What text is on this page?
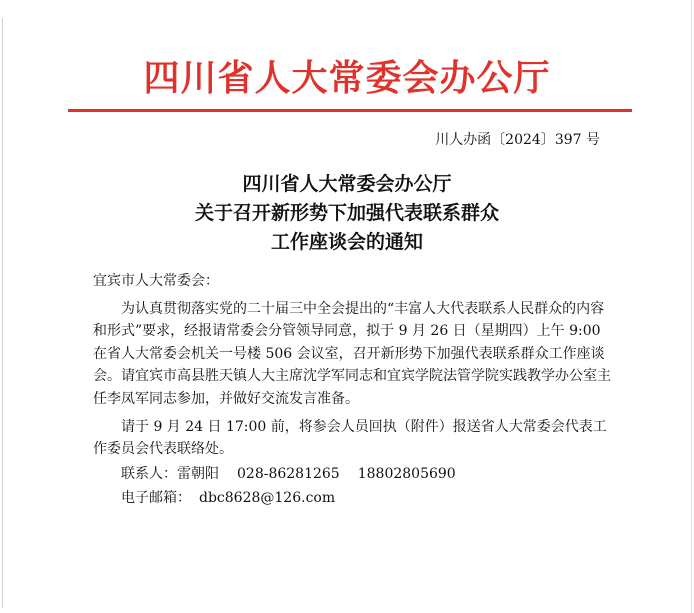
四川省人大常委会办公厅
川人办函〔2024〕397 号
四川省人大常委会办公厅
关于召开新形势下加强代表联系群众
工作座谈会的通知
宜宾市人大常委会：
为认真贯彻落实党的二十届三中全会提出的“丰富人大代表联系人民群众的内容和形式”要求，经报请常委会分管领导同意，拟于 9 月 26 日（星期四）上午 9:00 在省人大常委会机关一号楼 506 会议室，召开新形势下加强代表联系群众工作座谈会。请宜宾市高县胜天镇人大主席沈学军同志和宜宾学院法管学院实践教学办公室主任李凤军同志参加，并做好交流发言准备。
请于 9 月 24 日 17:00 前，将参会人员回执（附件）报送省人大常委会代表工作委员会代表联络处。
联系人：雷朝阳 028-86281265 18802805690
电子邮箱： dbc8628@126.com
